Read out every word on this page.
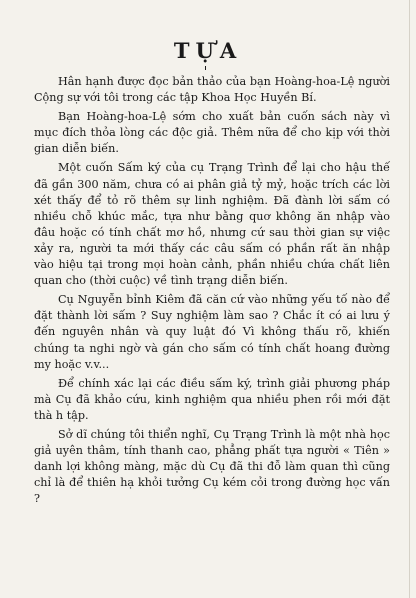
TỰA

Hân hạnh được đọc bản thảo của bạn Hoàng-hoa-Lệ người Cộng sự với tôi trong các tập Khoa Học Huyền Bí.

Bạn Hoàng-hoa-Lệ sớm cho xuất bản cuốn sách này vì mục đích thỏa lòng các độc giả. Thêm nữa để cho kịp với thời gian diễn biến.

Một cuốn Sấm ký của cụ Trạng Trình để lại cho hậu thế đã gần 300 năm, chưa có ai phân giả tỷ mỷ, hoặc trích các lời xét thấy để tỏ rõ thêm sự linh nghiệm. Đã đành lời sấm có nhiều chỗ khúc mắc, tựa như bằng quơ không ăn nhập vào đâu hoặc có tính chất mơ hồ, nhưng cứ sau thời gian sự việc xảy ra, người ta mới thấy các câu sấm có phần rất ăn nhập vào hiệu tại trong mọi hoàn cảnh, phần nhiều chứa chất liên quan cho (thời cuộc) về tình trạng diễn biến.

Cụ Nguyễn bỉnh Kiêm đã căn cứ vào những yếu tố nào để đặt thành lời sấm ? Suy nghiệm làm sao ? Chắc ít có ai lưu ý đến nguyên nhân và quy luật đó Vì không thấu rõ, khiến chúng ta nghi ngờ và gán cho sấm có tính chất hoang đường my hoặc v.v...

Để chính xác lại các điều sấm ký, trình giải phương pháp mà Cụ đã khảo cứu, kinh nghiệm qua nhiều phen rồi mới đặt thà h tập.

Sở dĩ chúng tôi thiển nghĩ, Cụ Trạng Trình là một nhà học giả uyên thâm, tính thanh cao, phẳng phất tựa người « Tiên » danh lợi không màng, mặc dù Cụ đã thi đỗ làm quan thì cũng chỉ là để thiên hạ khỏi tưởng Cụ kém cỏi trong đường học vấn ?
